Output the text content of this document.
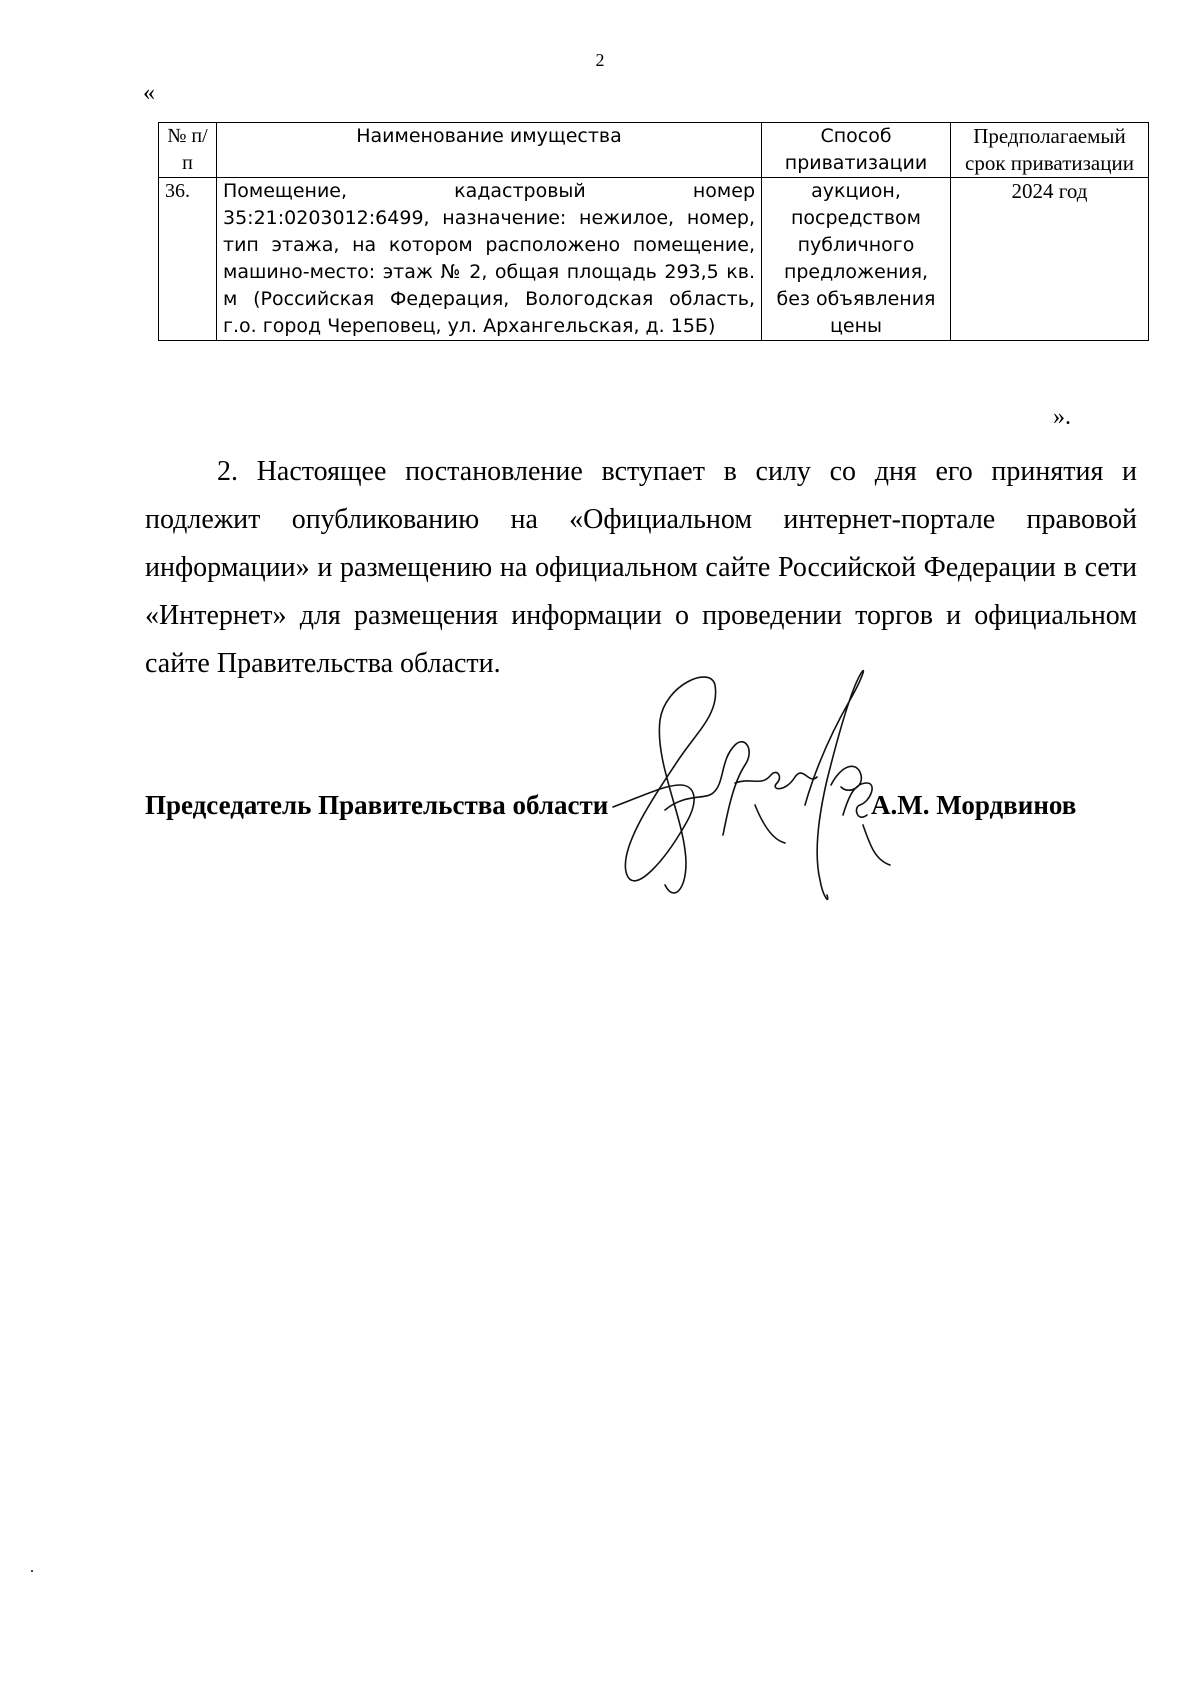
2
«
№ п/п	Наименование имущества	Способ приватизации	Предполагаемый срок приватизации
36.	Помещение, кадастровый номер 35:21:0203012:6499, назначение: нежилое, номер, тип этажа, на котором расположено помещение, машино-место: этаж № 2, общая площадь 293,5 кв. м (Российская Федерация, Вологодская область, г.о. город Череповец, ул. Архангельская, д. 15Б)	аукцион, посредством публичного предложения, без объявления цены	2024 год
».
2. Настоящее постановление вступает в силу со дня его принятия и подлежит опубликованию на «Официальном интернет-портале правовой информации» и размещению на официальном сайте Российской Федерации в сети «Интернет» для размещения информации о проведении торгов и официальном сайте Правительства области.
Председатель Правительства области	А.М. Мордвинов
